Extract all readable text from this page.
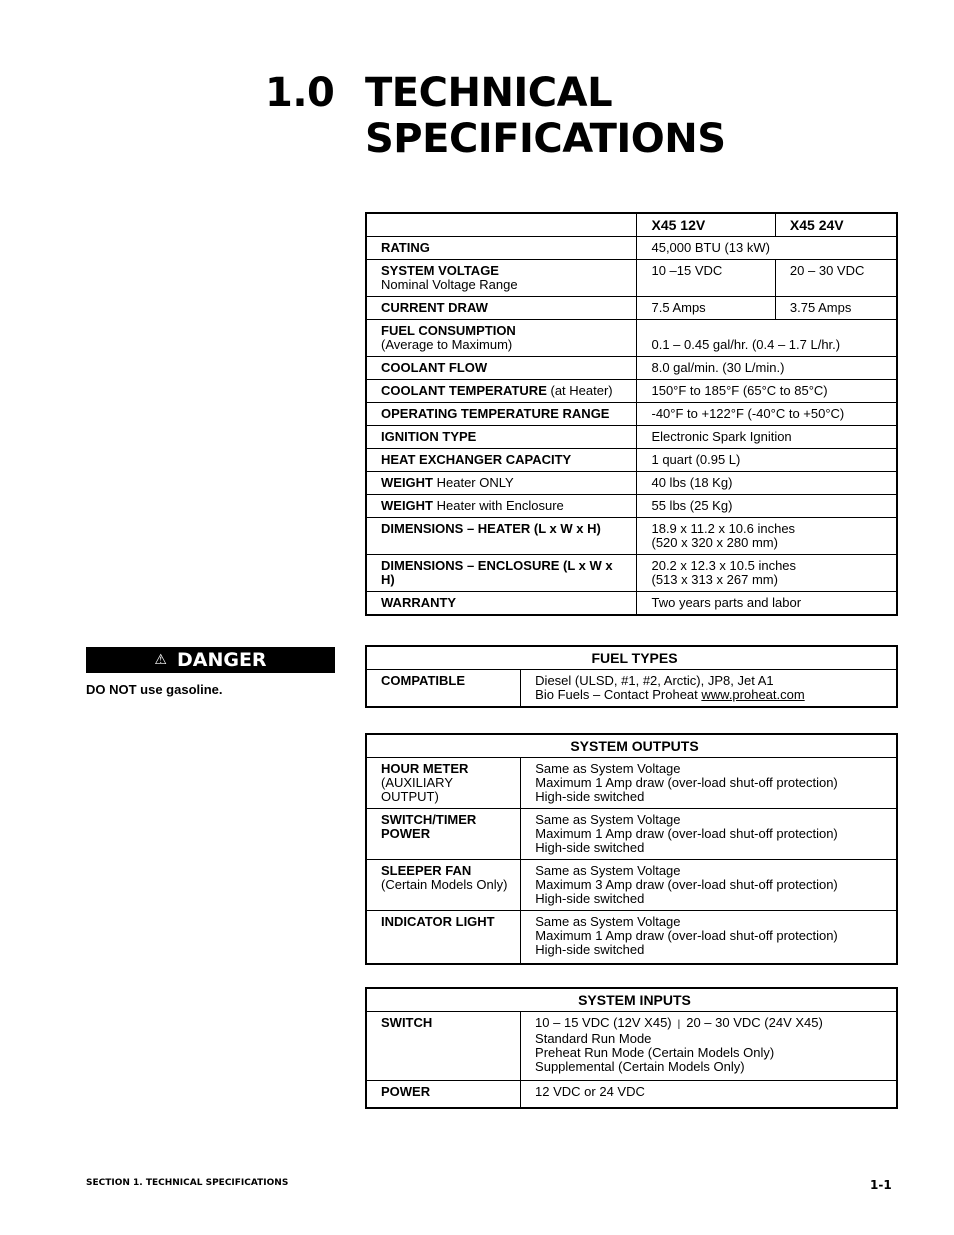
1.0 TECHNICAL
SPECIFICATIONS
	X45 12V	X45 24V
RATING	45,000 BTU (13 kW)	
SYSTEM VOLTAGE
Nominal Voltage Range	10 –15 VDC	20 – 30 VDC
CURRENT DRAW	7.5 Amps	3.75 Amps
FUEL CONSUMPTION
(Average to Maximum)	0.1 – 0.45 gal/hr. (0.4 – 1.7 L/hr.)	
COOLANT FLOW	8.0 gal/min. (30 L/min.)	
COOLANT TEMPERATURE (at Heater)	150°F to 185°F (65°C to 85°C)	
OPERATING TEMPERATURE RANGE	-40°F to +122°F (-40°C to +50°C)	
IGNITION TYPE	Electronic Spark Ignition	
HEAT EXCHANGER CAPACITY	1 quart (0.95 L)	
WEIGHT Heater ONLY	40 lbs (18 Kg)	
WEIGHT Heater with Enclosure	55 lbs (25 Kg)	
DIMENSIONS – HEATER (L x W x H)	18.9 x 11.2 x 10.6 inches
(520 x 320 x 280 mm)	
DIMENSIONS – ENCLOSURE (L x W x H)	20.2 x 12.3 x 10.5 inches
(513 x 313 x 267 mm)	
WARRANTY	Two years parts and labor	
⚠ DANGER
DO NOT use gasoline.
FUEL TYPES
COMPATIBLE	Diesel (ULSD, #1, #2, Arctic), JP8, Jet A1
Bio Fuels – Contact Proheat www.proheat.com
SYSTEM OUTPUTS	
HOUR METER
(AUXILIARY OUTPUT)	Same as System Voltage
Maximum 1 Amp draw (over-load shut-off protection)
High-side switched
SWITCH/TIMER
POWER	Same as System Voltage
Maximum 1 Amp draw (over-load shut-off protection)
High-side switched
SLEEPER FAN
(Certain Models Only)	Same as System Voltage
Maximum 3 Amp draw (over-load shut-off protection)
High-side switched
INDICATOR LIGHT	Same as System Voltage
Maximum 1 Amp draw (over-load shut-off protection)
High-side switched
SYSTEM INPUTS	
SWITCH	10 – 15 VDC (12V X45) | 20 – 30 VDC (24V X45)
Standard Run Mode
Preheat Run Mode (Certain Models Only)
Supplemental (Certain Models Only)
POWER	12 VDC or 24 VDC
SECTION 1. TECHNICAL SPECIFICATIONS	1-1
